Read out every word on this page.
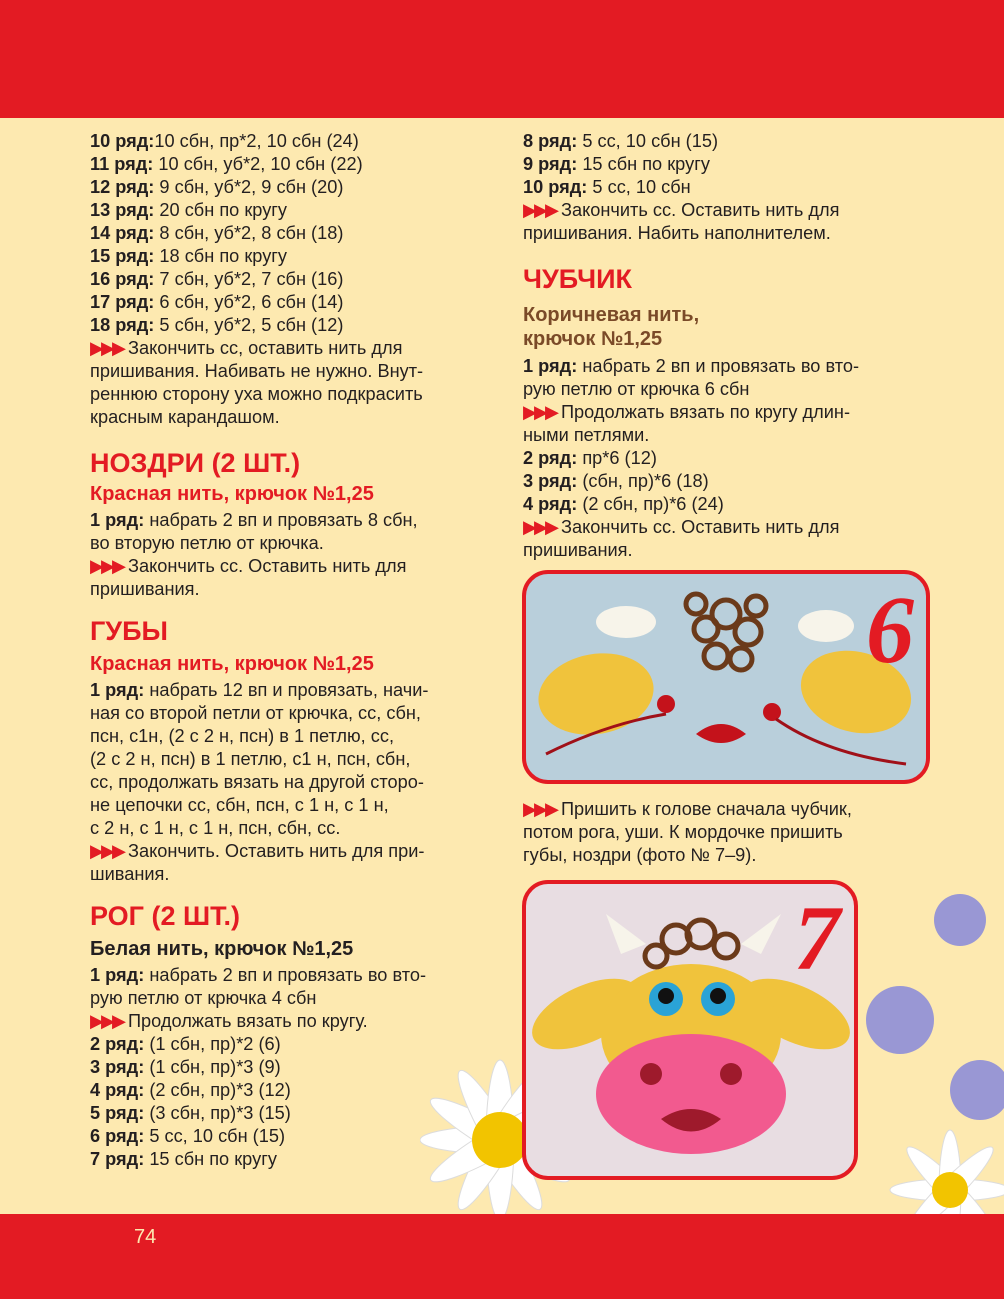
74
10 ряд:10 сбн, пр*2, 10 сбн (24)
11 ряд: 10 сбн, уб*2, 10 сбн (22)
12 ряд: 9 сбн, уб*2, 9 сбн (20)
13 ряд: 20 сбн по кругу
14 ряд: 8 сбн, уб*2, 8 сбн (18)
15 ряд: 18 сбн по кругу
16 ряд: 7 сбн, уб*2, 7 сбн (16)
17 ряд: 6 сбн, уб*2, 6 сбн (14)
18 ряд: 5 сбн, уб*2, 5 сбн (12)
▶▶▶ Закончить сс, оставить нить для
пришивания. Набивать не нужно. Внут-
реннюю сторону уха можно подкрасить
красным карандашом.
НОЗДРИ (2 ШТ.)
Красная нить, крючок №1,25
1 ряд: набрать 2 вп и провязать 8 сбн,
во вторую петлю от крючка.
▶▶▶ Закончить сс. Оставить нить для
пришивания.
ГУБЫ
Красная нить, крючок №1,25
1 ряд: набрать 12 вп и провязать, начи-
ная со второй петли от крючка, сс, сбн,
псн, с1н, (2 с 2 н, псн) в 1 петлю, сс,
(2 с 2 н, псн) в 1 петлю, с1 н, псн, сбн,
сс, продолжать вязать на другой сторо-
не цепочки сс, сбн, псн, с 1 н, с 1 н,
с 2 н, с 1 н, с 1 н, псн, сбн, сс.
▶▶▶ Закончить. Оставить нить для при-
шивания.
РОГ (2 ШТ.)
Белая нить, крючок №1,25
1 ряд: набрать 2 вп и провязать во вто-
рую петлю от крючка 4 сбн
▶▶▶ Продолжать вязать по кругу.
2 ряд: (1 сбн, пр)*2 (6)
3 ряд: (1 сбн, пр)*3 (9)
4 ряд: (2 сбн, пр)*3 (12)
5 ряд: (3 сбн, пр)*3 (15)
6 ряд: 5 сс, 10 сбн (15)
7 ряд: 15 сбн по кругу
8 ряд: 5 сс, 10 сбн (15)
9 ряд: 15 сбн по кругу
10 ряд: 5 сс, 10 сбн
▶▶▶ Закончить сс. Оставить нить для
пришивания. Набить наполнителем.
ЧУБЧИК
Коричневая нить,
крючок №1,25
1 ряд: набрать 2 вп и провязать во вто-
рую петлю от крючка 6 сбн
▶▶▶ Продолжать вязать по кругу длин-
ными петлями.
2 ряд: пр*6 (12)
3 ряд: (сбн, пр)*6 (18)
4 ряд: (2 сбн, пр)*6 (24)
▶▶▶ Закончить сс. Оставить нить для
пришивания.
6
▶▶▶ Пришить к голове сначала чубчик,
потом рога, уши. К мордочке пришить
губы, ноздри (фото № 7–9).
7
